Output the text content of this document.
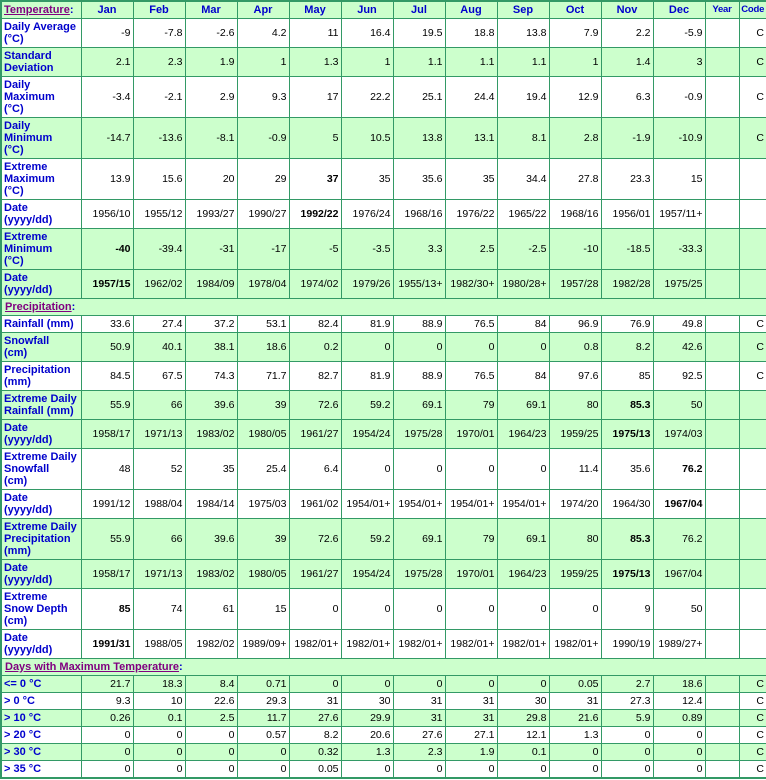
Temperature:	Jan	Feb	Mar	Apr	May	Jun	Jul	Aug	Sep	Oct	Nov	Dec	Year	Code
Daily Average
(°C)	-9	-7.8	-2.6	4.2	11	16.4	19.5	18.8	13.8	7.9	2.2	-5.9		C
Standard
Deviation	2.1	2.3	1.9	1	1.3	1	1.1	1.1	1.1	1	1.4	3		C
Daily
Maximum
(°C)	-3.4	-2.1	2.9	9.3	17	22.2	25.1	24.4	19.4	12.9	6.3	-0.9		C
Daily
Minimum
(°C)	-14.7	-13.6	-8.1	-0.9	5	10.5	13.8	13.1	8.1	2.8	-1.9	-10.9		C
Extreme
Maximum
(°C)	13.9	15.6	20	29	37	35	35.6	35	34.4	27.8	23.3	15		
Date
(yyyy/dd)	1956/10	1955/12	1993/27	1990/27	1992/22	1976/24	1968/16	1976/22	1965/22	1968/16	1956/01	1957/11+		
Extreme
Minimum
(°C)	-40	-39.4	-31	-17	-5	-3.5	3.3	2.5	-2.5	-10	-18.5	-33.3		
Date
(yyyy/dd)	1957/15	1962/02	1984/09	1978/04	1974/02	1979/26	1955/13+	1982/30+	1980/28+	1957/28	1982/28	1975/25		
Precipitation:														
Rainfall (mm)	33.6	27.4	37.2	53.1	82.4	81.9	88.9	76.5	84	96.9	76.9	49.8		C
Snowfall
(cm)	50.9	40.1	38.1	18.6	0.2	0	0	0	0	0.8	8.2	42.6		C
Precipitation
(mm)	84.5	67.5	74.3	71.7	82.7	81.9	88.9	76.5	84	97.6	85	92.5		C
Extreme Daily
Rainfall (mm)	55.9	66	39.6	39	72.6	59.2	69.1	79	69.1	80	85.3	50		
Date
(yyyy/dd)	1958/17	1971/13	1983/02	1980/05	1961/27	1954/24	1975/28	1970/01	1964/23	1959/25	1975/13	1974/03		
Extreme Daily
Snowfall
(cm)	48	52	35	25.4	6.4	0	0	0	0	11.4	35.6	76.2		
Date
(yyyy/dd)	1991/12	1988/04	1984/14	1975/03	1961/02	1954/01+	1954/01+	1954/01+	1954/01+	1974/20	1964/30	1967/04		
Extreme Daily
Precipitation
(mm)	55.9	66	39.6	39	72.6	59.2	69.1	79	69.1	80	85.3	76.2		
Date
(yyyy/dd)	1958/17	1971/13	1983/02	1980/05	1961/27	1954/24	1975/28	1970/01	1964/23	1959/25	1975/13	1967/04		
Extreme
Snow Depth
(cm)	85	74	61	15	0	0	0	0	0	0	9	50		
Date
(yyyy/dd)	1991/31	1988/05	1982/02	1989/09+	1982/01+	1982/01+	1982/01+	1982/01+	1982/01+	1982/01+	1990/19	1989/27+		
Days with Maximum Temperature:														
<= 0 °C	21.7	18.3	8.4	0.71	0	0	0	0	0	0.05	2.7	18.6		C
> 0 °C	9.3	10	22.6	29.3	31	30	31	31	30	31	27.3	12.4		C
> 10 °C	0.26	0.1	2.5	11.7	27.6	29.9	31	31	29.8	21.6	5.9	0.89		C
> 20 °C	0	0	0	0.57	8.2	20.6	27.6	27.1	12.1	1.3	0	0		C
> 30 °C	0	0	0	0	0.32	1.3	2.3	1.9	0.1	0	0	0		C
> 35 °C	0	0	0	0	0.05	0	0	0	0	0	0	0		C
